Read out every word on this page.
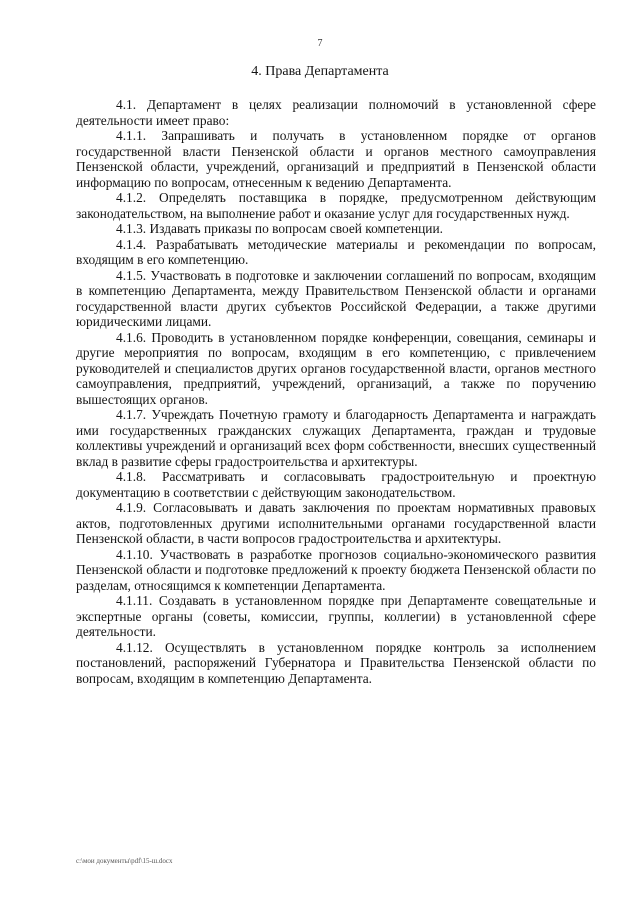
7
4. Права Департамента

4.1. Департамент в целях реализации полномочий в установленной сфере деятельности имеет право:

4.1.1. Запрашивать и получать в установленном порядке от органов государственной власти Пензенской области и органов местного самоуправления Пензенской области, учреждений, организаций и предприятий в Пензенской области информацию по вопросам, отнесенным к ведению Департамента.

4.1.2. Определять поставщика в порядке, предусмотренном действующим законодательством, на выполнение работ и оказание услуг для государственных нужд.

4.1.3. Издавать приказы по вопросам своей компетенции.

4.1.4. Разрабатывать методические материалы и рекомендации по вопросам, входящим в его компетенцию.

4.1.5. Участвовать в подготовке и заключении соглашений по вопросам, входящим в компетенцию Департамента, между Правительством Пензенской области и органами государственной власти других субъектов Российской Федерации, а также другими юридическими лицами.

4.1.6. Проводить в установленном порядке конференции, совещания, семинары и другие мероприятия по вопросам, входящим в его компетенцию, с привлечением руководителей и специалистов других органов государственной власти, органов местного самоуправления, предприятий, учреждений, организаций, а также по поручению вышестоящих органов.

4.1.7. Учреждать Почетную грамоту и благодарность Департамента и награждать ими государственных гражданских служащих Департамента, граждан и трудовые коллективы учреждений и организаций всех форм собственности, внесших существенный вклад в развитие сферы градостроительства и архитектуры.

4.1.8. Рассматривать и согласовывать градостроительную и проектную документацию в соответствии с действующим законодательством.

4.1.9. Согласовывать и давать заключения по проектам нормативных правовых актов, подготовленных другими исполнительными органами государственной власти Пензенской области, в части вопросов градостроительства и архитектуры.

4.1.10. Участвовать в разработке прогнозов социально-экономического развития Пензенской области и подготовке предложений к проекту бюджета Пензенской области по разделам, относящимся к компетенции Департамента.

4.1.11. Создавать в установленном порядке при Департаменте совещательные и экспертные органы (советы, комиссии, группы, коллегии) в установленной сфере деятельности.

4.1.12. Осуществлять в установленном порядке контроль за исполнением постановлений, распоряжений Губернатора и Правительства Пензенской области по вопросам, входящим в компетенцию Департамента.

c:\мои документы\pdf\15-ш.docx
